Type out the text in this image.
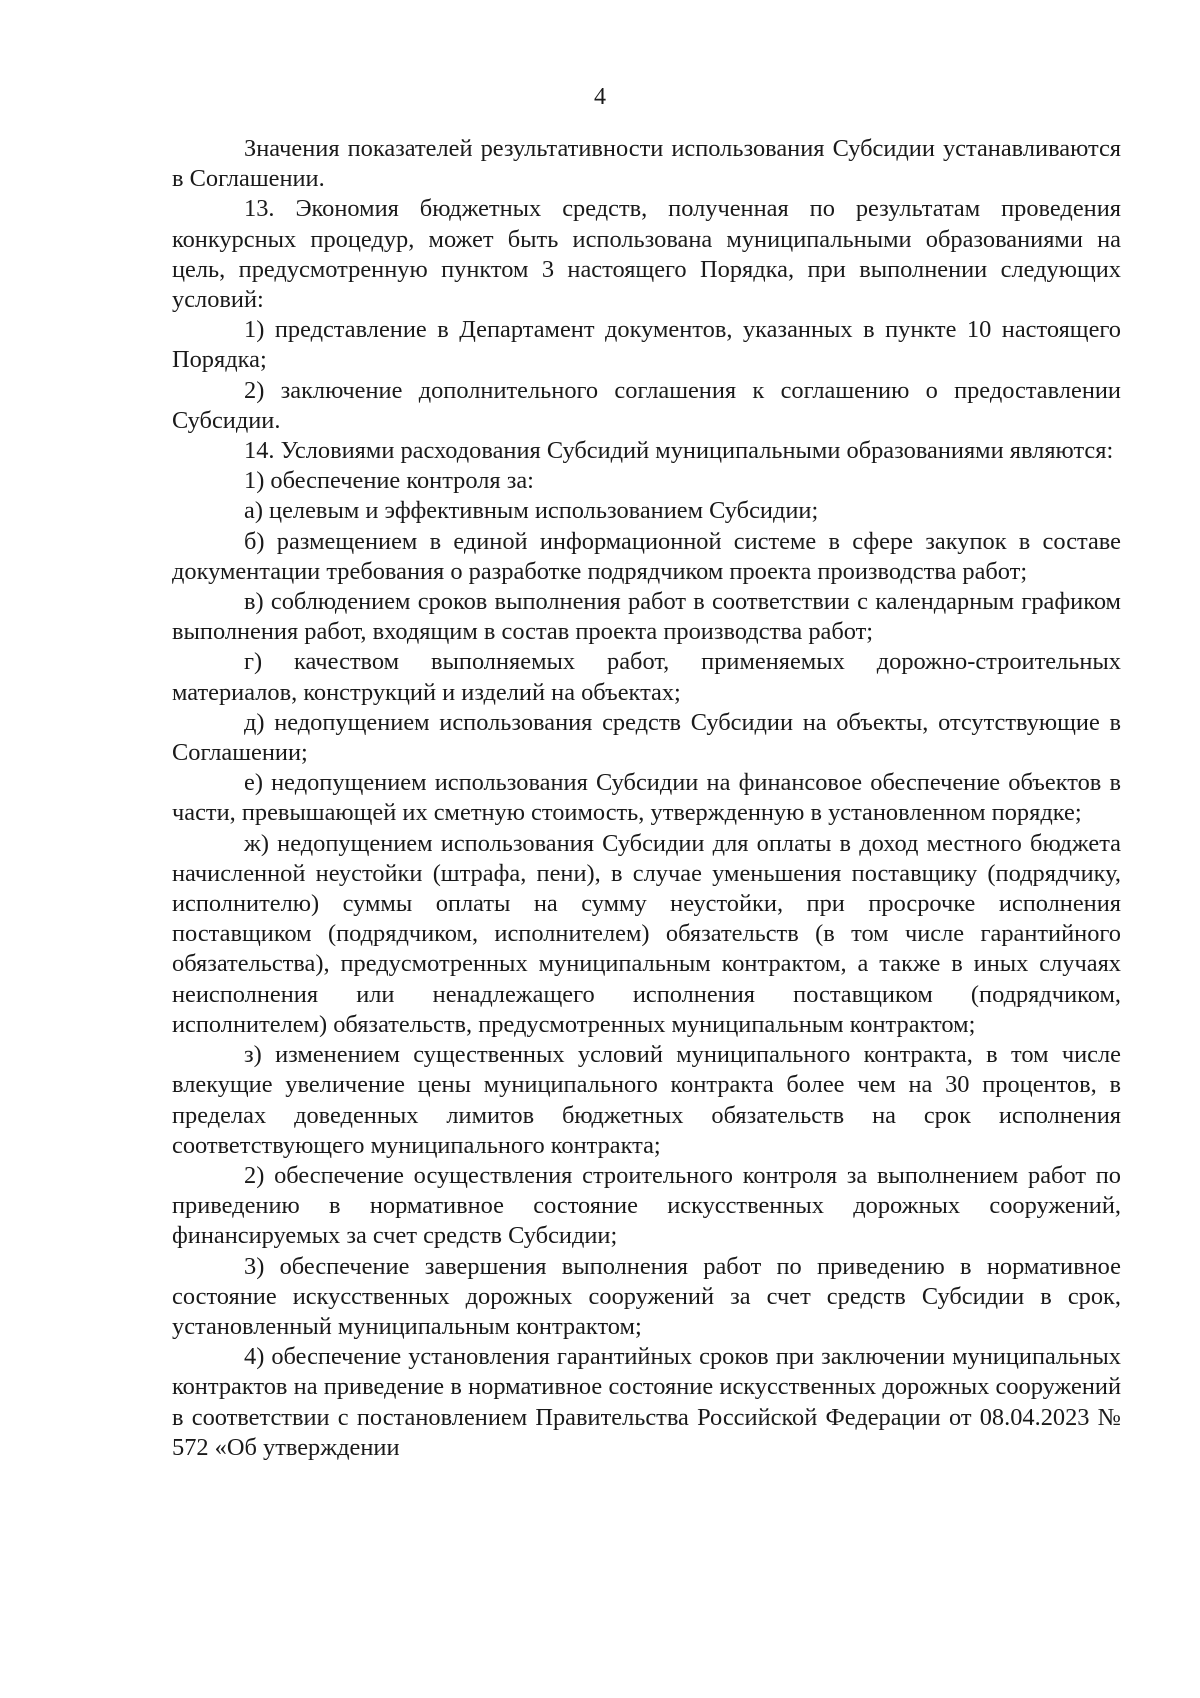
4

Значения показателей результативности использования Субсидии устанавливаются в Соглашении.

13. Экономия бюджетных средств, полученная по результатам проведения конкурсных процедур, может быть использована муниципальными образованиями на цель, предусмотренную пунктом 3 настоящего Порядка, при выполнении следующих условий:

1) представление в Департамент документов, указанных в пункте 10 настоящего Порядка;

2) заключение дополнительного соглашения к соглашению о предоставлении Субсидии.

14. Условиями расходования Субсидий муниципальными образованиями являются:

1) обеспечение контроля за:

а) целевым и эффективным использованием Субсидии;

б) размещением в единой информационной системе в сфере закупок в составе документации требования о разработке подрядчиком проекта производства работ;

в) соблюдением сроков выполнения работ в соответствии с календарным графиком выполнения работ, входящим в состав проекта производства работ;

г) качеством выполняемых работ, применяемых дорожно-строительных материалов, конструкций и изделий на объектах;

д) недопущением использования средств Субсидии на объекты, отсутствующие в Соглашении;

е) недопущением использования Субсидии на финансовое обеспечение объектов в части, превышающей их сметную стоимость, утвержденную в установленном порядке;

ж) недопущением использования Субсидии для оплаты в доход местного бюджета начисленной неустойки (штрафа, пени), в случае уменьшения поставщику (подрядчику, исполнителю) суммы оплаты на сумму неустойки, при просрочке исполнения поставщиком (подрядчиком, исполнителем) обязательств (в том числе гарантийного обязательства), предусмотренных муниципальным контрактом, а также в иных случаях неисполнения или ненадлежащего исполнения поставщиком (подрядчиком, исполнителем) обязательств, предусмотренных муниципальным контрактом;

з) изменением существенных условий муниципального контракта, в том числе влекущие увеличение цены муниципального контракта более чем на 30 процентов, в пределах доведенных лимитов бюджетных обязательств на срок исполнения соответствующего муниципального контракта;

2) обеспечение осуществления строительного контроля за выполнением работ по приведению в нормативное состояние искусственных дорожных сооружений, финансируемых за счет средств Субсидии;

3) обеспечение завершения выполнения работ по приведению в нормативное состояние искусственных дорожных сооружений за счет средств Субсидии в срок, установленный муниципальным контрактом;

4) обеспечение установления гарантийных сроков при заключении муниципальных контрактов на приведение в нормативное состояние искусственных дорожных сооружений в соответствии с постановлением Правительства Российской Федерации от 08.04.2023 № 572 «Об утверждении
